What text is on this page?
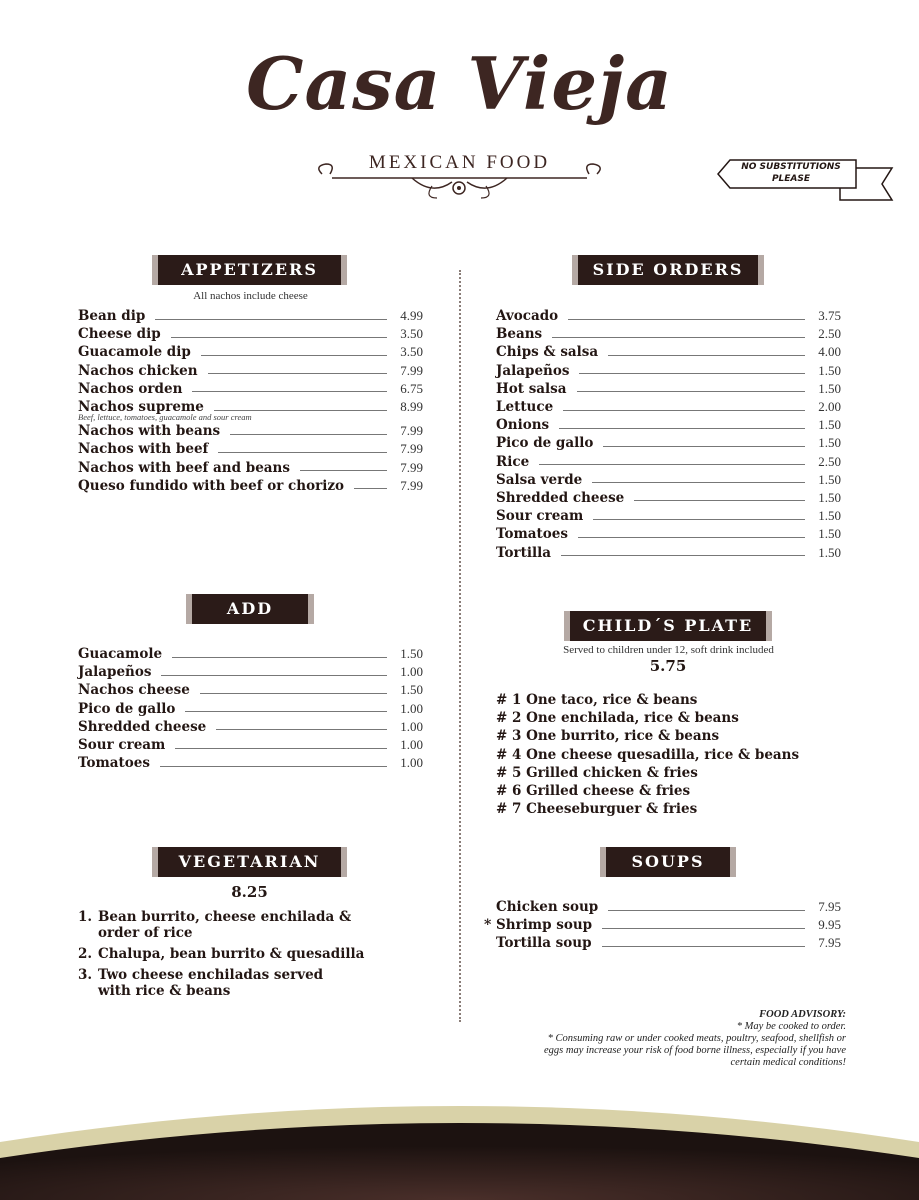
Casa Vieja
MEXICAN FOOD	NO SUBSTITUTIONS PLEASE
APPETIZERS
All nachos include cheese
Bean dip	4.99
Cheese dip	3.50
Guacamole dip	3.50
Nachos chicken	7.99
Nachos orden	6.75
Nachos supreme	8.99
Beef, lettuce, tomatoes, guacamole and sour cream
Nachos with beans	7.99
Nachos with beef	7.99
Nachos with beef and beans	7.99
Queso fundido with beef or chorizo	7.99
ADD
Guacamole	1.50
Jalapeños	1.00
Nachos cheese	1.50
Pico de gallo	1.00
Shredded cheese	1.00
Sour cream	1.00
Tomatoes	1.00
VEGETARIAN
8.25
1. Bean burrito, cheese enchilada & order of rice
2. Chalupa, bean burrito & quesadilla
3. Two cheese enchiladas served with rice & beans
SIDE ORDERS
Avocado	3.75
Beans	2.50
Chips & salsa	4.00
Jalapeños	1.50
Hot salsa	1.50
Lettuce	2.00
Onions	1.50
Pico de gallo	1.50
Rice	2.50
Salsa verde	1.50
Shredded cheese	1.50
Sour cream	1.50
Tomatoes	1.50
Tortilla	1.50
CHILD´S PLATE
Served to children under 12, soft drink included
5.75
# 1 One taco, rice & beans
# 2 One enchilada, rice & beans
# 3 One burrito, rice & beans
# 4 One cheese quesadilla, rice & beans
# 5 Grilled chicken & fries
# 6 Grilled cheese & fries
# 7 Cheeseburguer & fries
SOUPS
Chicken soup	7.95
* Shrimp soup	9.95
Tortilla soup	7.95
FOOD ADVISORY:
* May be cooked to order.
* Consuming raw or under cooked meats, poultry, seafood, shellfish or eggs may increase your risk of food borne illness, especially if you have certain medical conditions!
